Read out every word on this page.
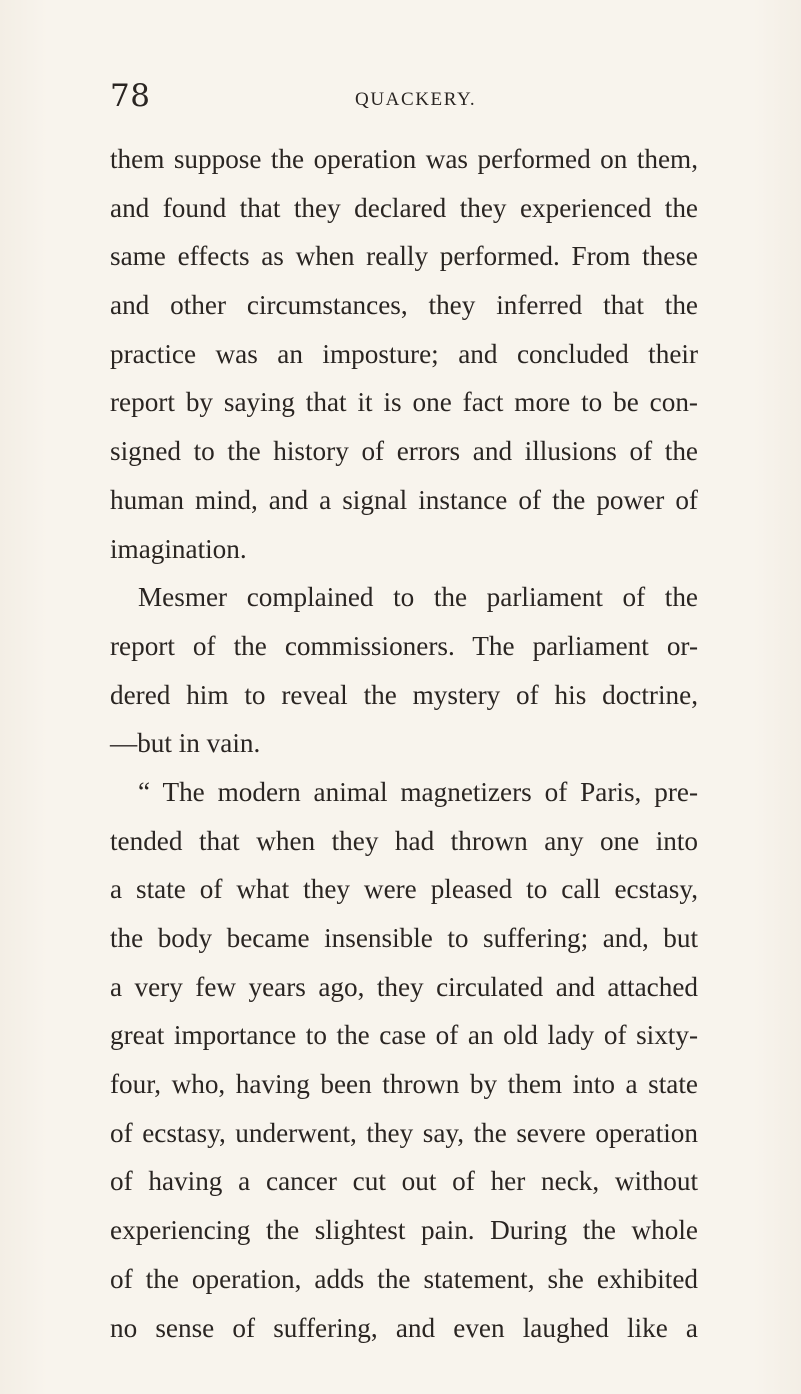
78	QUACKERY.
them suppose the operation was performed on them,
and found that they declared they experienced the
same effects as when really performed. From these
and other circumstances, they inferred that the
practice was an imposture; and concluded their
report by saying that it is one fact more to be con-
signed to the history of errors and illusions of the
human mind, and a signal instance of the power of
imagination.
Mesmer complained to the parliament of the
report of the commissioners. The parliament or-
dered him to reveal the mystery of his doctrine,
—but in vain.
“ The modern animal magnetizers of Paris, pre-
tended that when they had thrown any one into
a state of what they were pleased to call ecstasy,
the body became insensible to suffering; and, but
a very few years ago, they circulated and attached
great importance to the case of an old lady of sixty-
four, who, having been thrown by them into a state
of ecstasy, underwent, they say, the severe operation
of having a cancer cut out of her neck, without
experiencing the slightest pain. During the whole
of the operation, adds the statement, she exhibited
no sense of suffering, and even laughed like a
